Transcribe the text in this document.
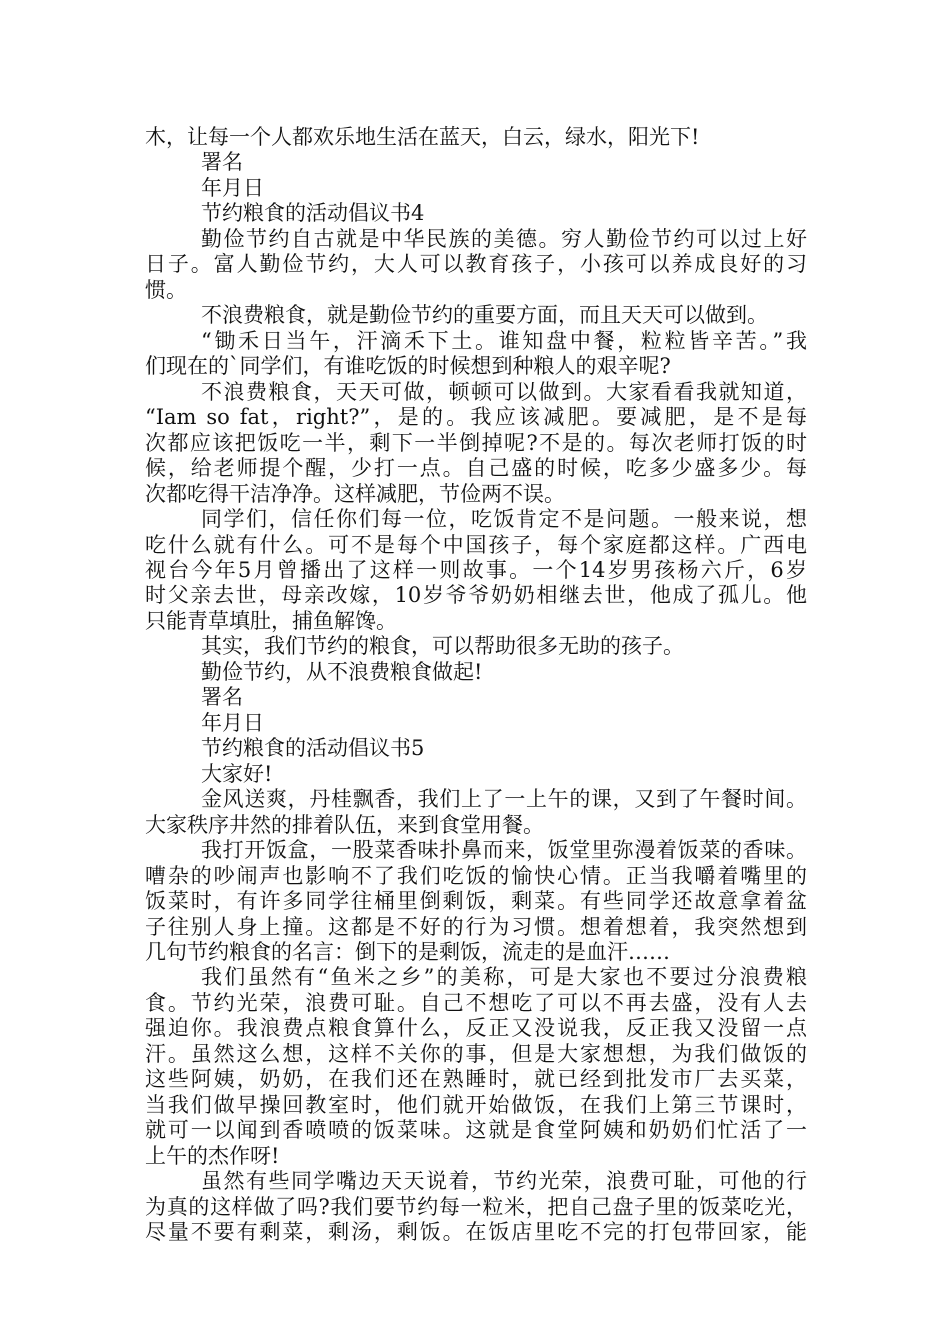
木，让每一个人都欢乐地生活在蓝天，白云，绿水，阳光下!
署名
年月日
节约粮食的活动倡议书4
勤俭节约自古就是中华民族的美德。穷人勤俭节约可以过上好
日子。富人勤俭节约，大人可以教育孩子，小孩可以养成良好的习
惯。
不浪费粮食，就是勤俭节约的重要方面，而且天天可以做到。
“锄禾日当午，汗滴禾下土。谁知盘中餐，粒粒皆辛苦。”我
们现在的`同学们，有谁吃饭的时候想到种粮人的艰辛呢?
不浪费粮食，天天可做，顿顿可以做到。大家看看我就知道，
“Iam so fat，right?”，是的。我应该减肥。要减肥，是不是每
次都应该把饭吃一半，剩下一半倒掉呢?不是的。每次老师打饭的时
候，给老师提个醒，少打一点。自己盛的时候，吃多少盛多少。每
次都吃得干洁净净。这样减肥，节俭两不误。
同学们，信任你们每一位，吃饭肯定不是问题。一般来说，想
吃什么就有什么。可不是每个中国孩子，每个家庭都这样。广西电
视台今年5月曾播出了这样一则故事。一个14岁男孩杨六斤，6岁
时父亲去世，母亲改嫁，10岁爷爷奶奶相继去世，他成了孤儿。他
只能青草填肚，捕鱼解馋。
其实，我们节约的粮食，可以帮助很多无助的孩子。
勤俭节约，从不浪费粮食做起!
署名
年月日
节约粮食的活动倡议书5
大家好!
金风送爽，丹桂飘香，我们上了一上午的课，又到了午餐时间。
大家秩序井然的排着队伍，来到食堂用餐。
我打开饭盒，一股菜香味扑鼻而来，饭堂里弥漫着饭菜的香味。
嘈杂的吵闹声也影响不了我们吃饭的愉快心情。正当我嚼着嘴里的
饭菜时，有许多同学往桶里倒剩饭，剩菜。有些同学还故意拿着盆
子往别人身上撞。这都是不好的行为习惯。想着想着，我突然想到
几句节约粮食的名言：倒下的是剩饭，流走的是血汗……
我们虽然有“鱼米之乡”的美称，可是大家也不要过分浪费粮
食。节约光荣，浪费可耻。自己不想吃了可以不再去盛，没有人去
强迫你。我浪费点粮食算什么，反正又没说我，反正我又没留一点
汗。虽然这么想，这样不关你的事，但是大家想想，为我们做饭的
这些阿姨，奶奶，在我们还在熟睡时，就已经到批发市厂去买菜，
当我们做早操回教室时，他们就开始做饭，在我们上第三节课时，
就可一以闻到香喷喷的饭菜味。这就是食堂阿姨和奶奶们忙活了一
上午的杰作呀!
虽然有些同学嘴边天天说着，节约光荣，浪费可耻，可他的行
为真的这样做了吗?我们要节约每一粒米，把自己盘子里的饭菜吃光，
尽量不要有剩菜，剩汤，剩饭。在饭店里吃不完的打包带回家，能
